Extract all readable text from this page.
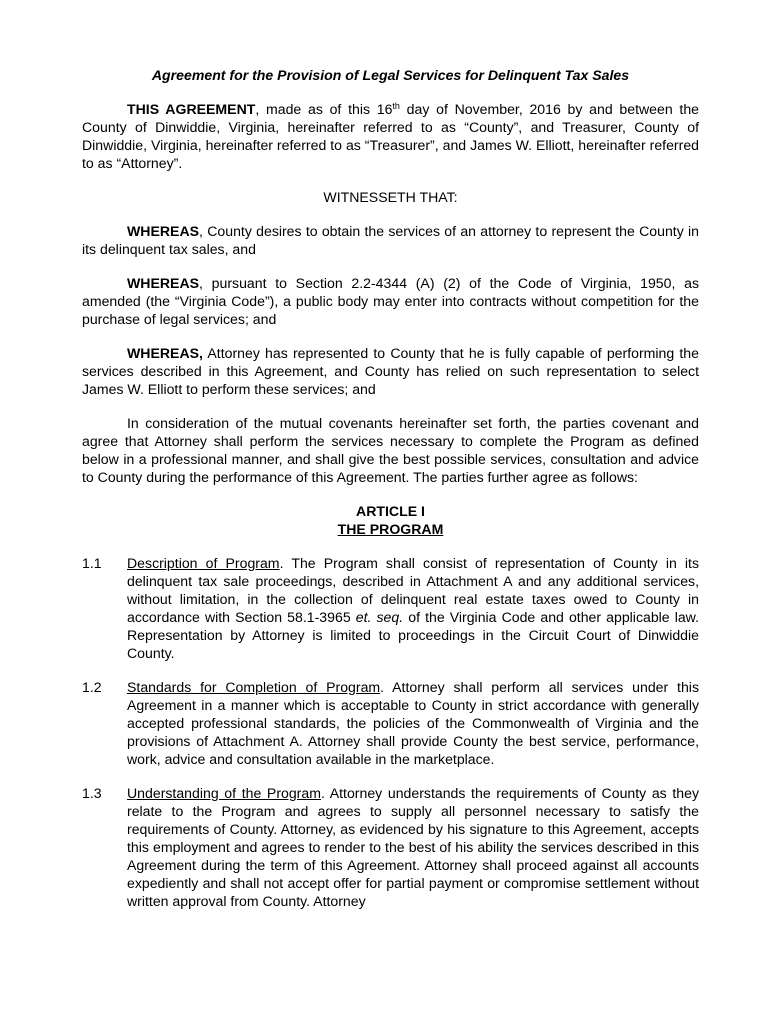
Agreement for the Provision of Legal Services for Delinquent Tax Sales

THIS AGREEMENT, made as of this 16th day of November, 2016 by and between the County of Dinwiddie, Virginia, hereinafter referred to as “County”, and Treasurer, County of Dinwiddie, Virginia, hereinafter referred to as “Treasurer”, and James W. Elliott, hereinafter referred to as “Attorney”.

WITNESSETH THAT:

WHEREAS, County desires to obtain the services of an attorney to represent the County in its delinquent tax sales, and

WHEREAS, pursuant to Section 2.2-4344 (A) (2) of the Code of Virginia, 1950, as amended (the “Virginia Code”), a public body may enter into contracts without competition for the purchase of legal services; and

WHEREAS, Attorney has represented to County that he is fully capable of performing the services described in this Agreement, and County has relied on such representation to select James W. Elliott to perform these services; and

In consideration of the mutual covenants hereinafter set forth, the parties covenant and agree that Attorney shall perform the services necessary to complete the Program as defined below in a professional manner, and shall give the best possible services, consultation and advice to County during the performance of this Agreement. The parties further agree as follows:

ARTICLE I
THE PROGRAM
1.1	Description of Program. The Program shall consist of representation of County in its delinquent tax sale proceedings, described in Attachment A and any additional services, without limitation, in the collection of delinquent real estate taxes owed to County in accordance with Section 58.1-3965 et. seq. of the Virginia Code and other applicable law. Representation by Attorney is limited to proceedings in the Circuit Court of Dinwiddie County.
1.2	Standards for Completion of Program. Attorney shall perform all services under this Agreement in a manner which is acceptable to County in strict accordance with generally accepted professional standards, the policies of the Commonwealth of Virginia and the provisions of Attachment A. Attorney shall provide County the best service, performance, work, advice and consultation available in the marketplace.
1.3	Understanding of the Program. Attorney understands the requirements of County as they relate to the Program and agrees to supply all personnel necessary to satisfy the requirements of County. Attorney, as evidenced by his signature to this Agreement, accepts this employment and agrees to render to the best of his ability the services described in this Agreement during the term of this Agreement. Attorney shall proceed against all accounts expediently and shall not accept offer for partial payment or compromise settlement without written approval from County. Attorney
